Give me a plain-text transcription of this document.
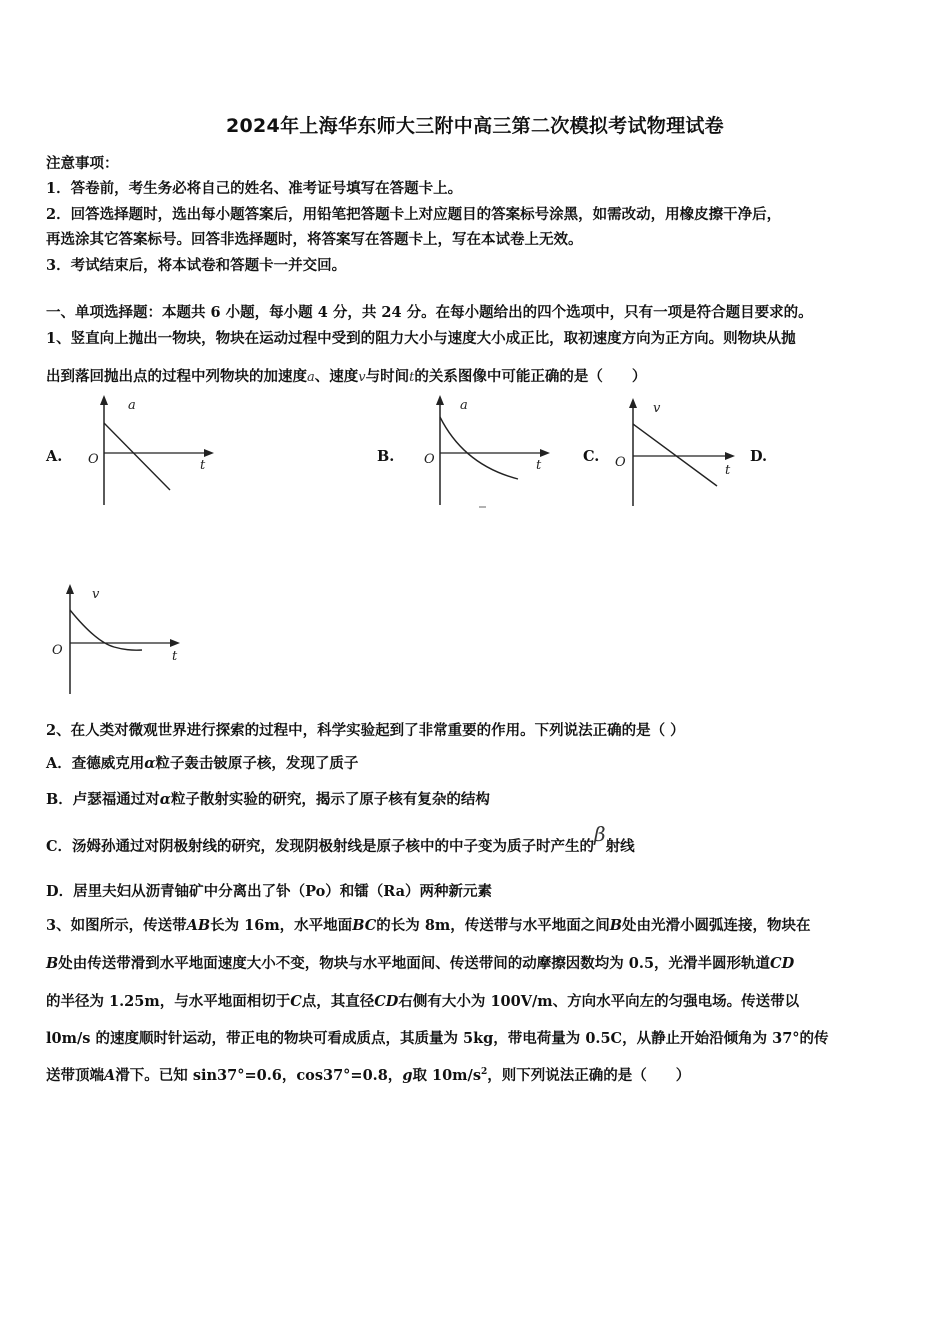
2024年上海华东师大三附中高三第二次模拟考试物理试卷
注意事项：
1．答卷前，考生务必将自己的姓名、准考证号填写在答题卡上。
2．回答选择题时，选出每小题答案后，用铅笔把答题卡上对应题目的答案标号涂黑，如需改动，用橡皮擦干净后，
再选涂其它答案标号。回答非选择题时，将答案写在答题卡上，写在本试卷上无效。
3．考试结束后，将本试卷和答题卡一并交回。
一、单项选择题：本题共 6 小题，每小题 4 分，共 24 分。在每小题给出的四个选项中，只有一项是符合题目要求的。
1、竖直向上抛出一物块，物块在运动过程中受到的阻力大小与速度大小成正比，取初速度方向为正方向。则物块从抛
出到落回抛出点的过程中列物块的加速度a、速度v与时间t的关系图像中可能正确的是（　　）
A.	B.	C.	D.
a
O	t
a
O	t
v
O
t
v
O	t
2、在人类对微观世界进行探索的过程中，科学实验起到了非常重要的作用。下列说法正确的是（ ）
A．查德威克用α粒子轰击铍原子核，发现了质子
B．卢瑟福通过对α粒子散射实验的研究，揭示了原子核有复杂的结构
C．汤姆孙通过对阴极射线的研究，发现阴极射线是原子核中的中子变为质子时产生的β射线
D．居里夫妇从沥青铀矿中分离出了钋（Po）和镭（Ra）两种新元素
3、如图所示，传送带AB长为 16m，水平地面BC的长为 8m，传送带与水平地面之间B处由光滑小圆弧连接，物块在
B处由传送带滑到水平地面速度大小不变，物块与水平地面间、传送带间的动摩擦因数均为 0.5，光滑半圆形轨道CD
的半径为 1.25m，与水平地面相切于C点，其直径CD右侧有大小为 100V/m、方向水平向左的匀强电场。传送带以
l0m/s 的速度顺时针运动，带正电的物块可看成质点，其质量为 5kg，带电荷量为 0.5C，从静止开始沿倾角为 37°的传
送带顶端A滑下。已知 sin37°=0.6，cos37°=0.8，g取 $10m/s^2$，则下列说法正确的是（　　）
